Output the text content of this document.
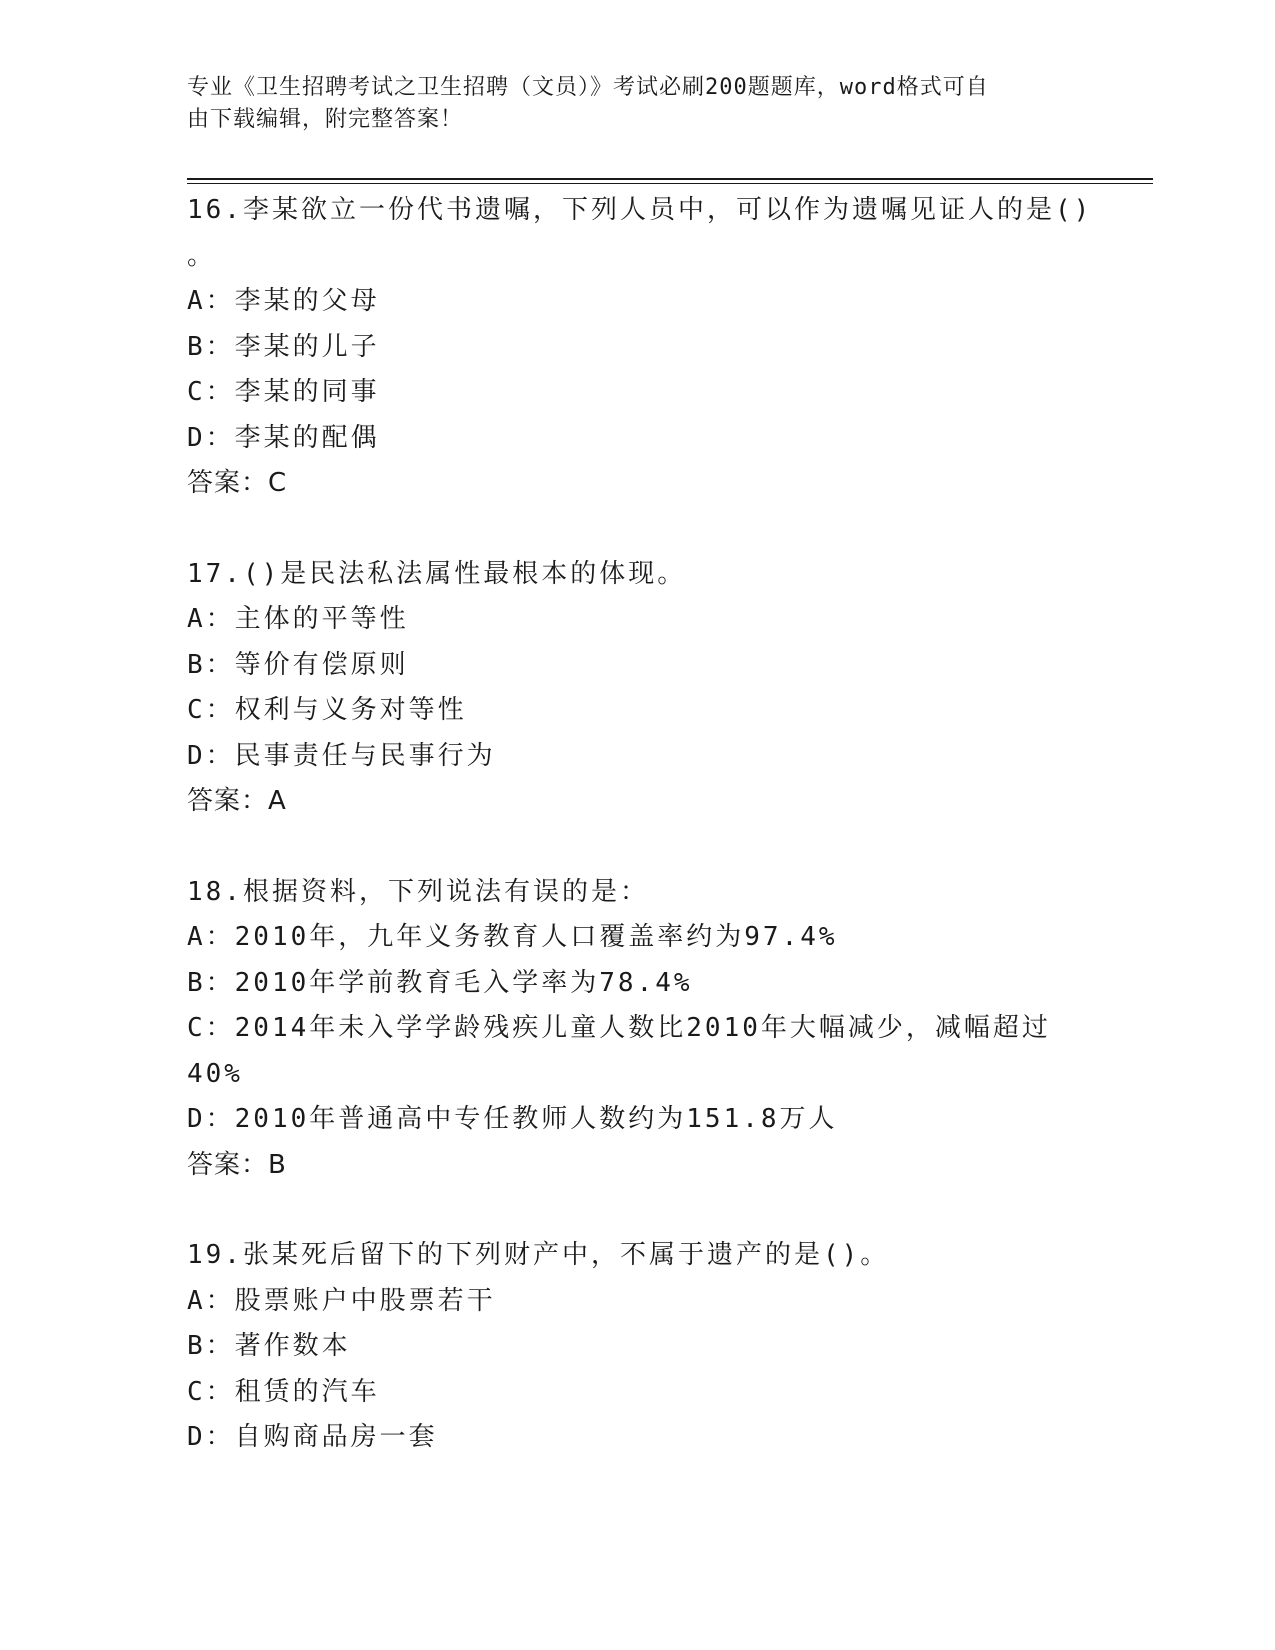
专业《卫生招聘考试之卫生招聘（文员）》考试必刷200题题库，word格式可自
由下载编辑，附完整答案！
16.李某欲立一份代书遗嘱，下列人员中，可以作为遗嘱见证人的是()
。
A：李某的父母
B：李某的儿子
C：李某的同事
D：李某的配偶
答案：C
17.()是民法私法属性最根本的体现。
A：主体的平等性
B：等价有偿原则
C：权利与义务对等性
D：民事责任与民事行为
答案：A
18.根据资料，下列说法有误的是：
A：2010年，九年义务教育人口覆盖率约为97.4%
B：2010年学前教育毛入学率为78.4%
C：2014年未入学学龄残疾儿童人数比2010年大幅减少，减幅超过
40%
D：2010年普通高中专任教师人数约为151.8万人
答案：B
19.张某死后留下的下列财产中，不属于遗产的是()。
A：股票账户中股票若干
B：著作数本
C：租赁的汽车
D：自购商品房一套
